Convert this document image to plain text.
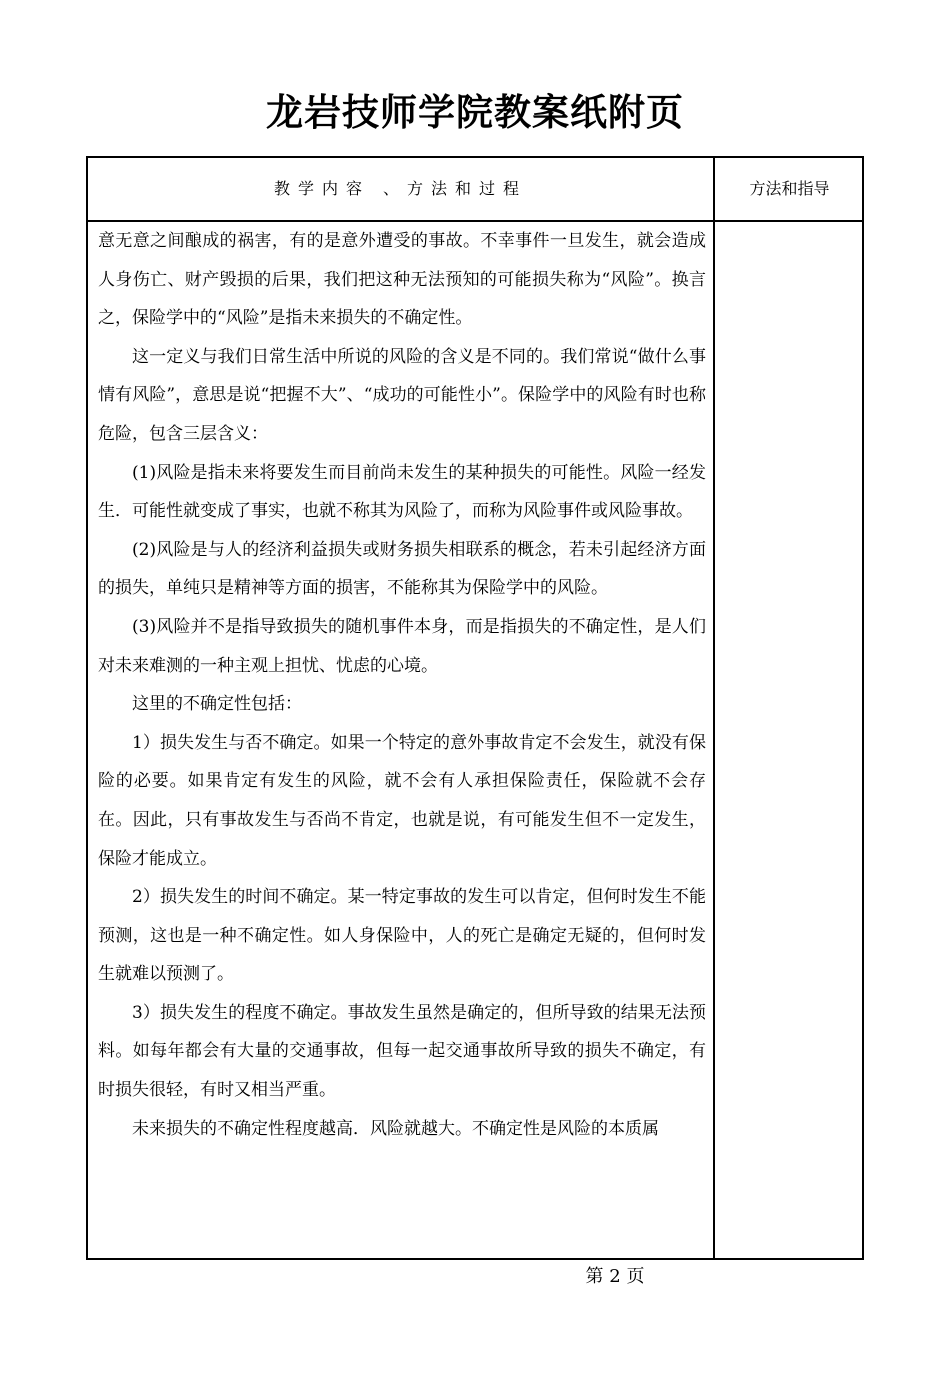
龙岩技师学院教案纸附页
教学内容 、方法和过程	方法和指导

意无意之间酿成的祸害，有的是意外遭受的事故。不幸事件一旦发生，就会造成人身伤亡、财产毁损的后果，我们把这种无法预知的可能损失称为“风险”。换言之，保险学中的“风险”是指未来损失的不确定性。

这一定义与我们日常生活中所说的风险的含义是不同的。我们常说“做什么事情有风险”，意思是说“把握不大”、“成功的可能性小”。保险学中的风险有时也称危险，包含三层含义：

(1)风险是指未来将要发生而目前尚未发生的某种损失的可能性。风险一经发生．可能性就变成了事实，也就不称其为风险了，而称为风险事件或风险事故。

(2)风险是与人的经济利益损失或财务损失相联系的概念，若未引起经济方面的损失，单纯只是精神等方面的损害，不能称其为保险学中的风险。

(3)风险并不是指导致损失的随机事件本身，而是指损失的不确定性，是人们对未来难测的一种主观上担忧、忧虑的心境。

这里的不确定性包括：

1）损失发生与否不确定。如果一个特定的意外事故肯定不会发生，就没有保险的必要。如果肯定有发生的风险，就不会有人承担保险责任，保险就不会存在。因此，只有事故发生与否尚不肯定，也就是说，有可能发生但不一定发生，保险才能成立。

2）损失发生的时间不确定。某一特定事故的发生可以肯定，但何时发生不能预测，这也是一种不确定性。如人身保险中，人的死亡是确定无疑的，但何时发生就难以预测了。

3）损失发生的程度不确定。事故发生虽然是确定的，但所导致的结果无法预料。如每年都会有大量的交通事故，但每一起交通事故所导致的损失不确定，有时损失很轻，有时又相当严重。

未来损失的不确定性程度越高．风险就越大。不确定性是风险的本质属

第 2 页
